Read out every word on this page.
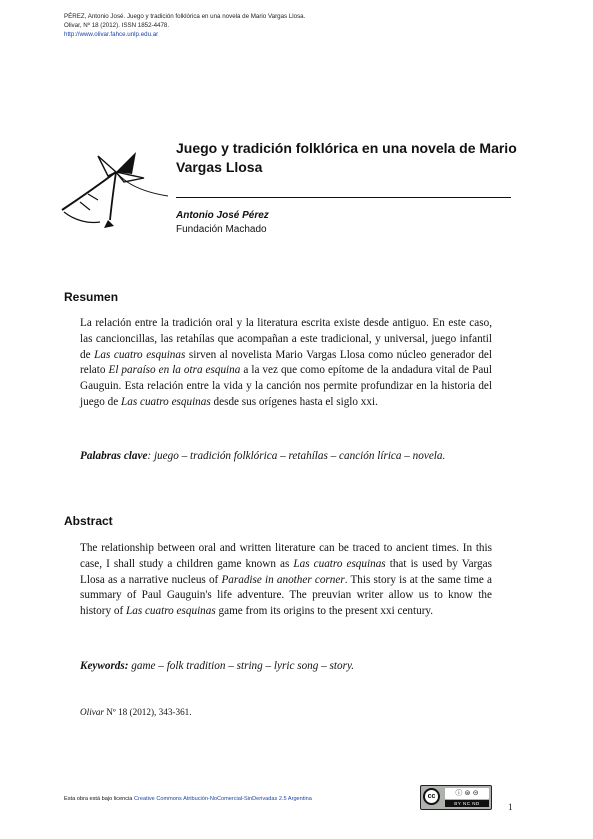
PÉREZ, Antonio José. Juego y tradición folklórica en una novela de Mario Vargas Llosa.
Olivar, Nº 18 (2012). ISSN 1852-4478.
http://www.olivar.fahce.unlp.edu.ar
Juego y tradición folklórica en una novela de Mario Vargas Llosa
Antonio José Pérez
Fundación Machado
Resumen

La relación entre la tradición oral y la literatura escrita existe desde antiguo. En este caso, las cancioncillas, las retahílas que acompañan a este tradicional, y universal, juego infantil de Las cuatro esquinas sirven al novelista Mario Vargas Llosa como núcleo generador del relato El paraíso en la otra esquina a la vez que como epítome de la andadura vital de Paul Gauguin. Esta relación entre la vida y la canción nos permite profundizar en la historia del juego de Las cuatro esquinas desde sus orígenes hasta el siglo xxi.

Palabras clave: juego – tradición folklórica – retahílas – canción lírica – novela.

Abstract

The relationship between oral and written literature can be traced to ancient times. In this case, I shall study a children game known as Las cuatro esquinas that is used by Vargas Llosa as a narrative nucleus of Paradise in another corner. This story is at the same time a summary of Paul Gauguin's life adventure. The preuvian writer allow us to know the history of Las cuatro esquinas game from its origins to the present xxi century.

Keywords: game – folk tradition – string – lyric song – story.

Olivar Nº 18 (2012), 343-361.
Esta obra está bajo licencia Creative Commons Atribución-NoComercial-SinDerivadas 2.5 Argentina	cc	ⓘ ⊜ ⊝
BY NC ND	1
